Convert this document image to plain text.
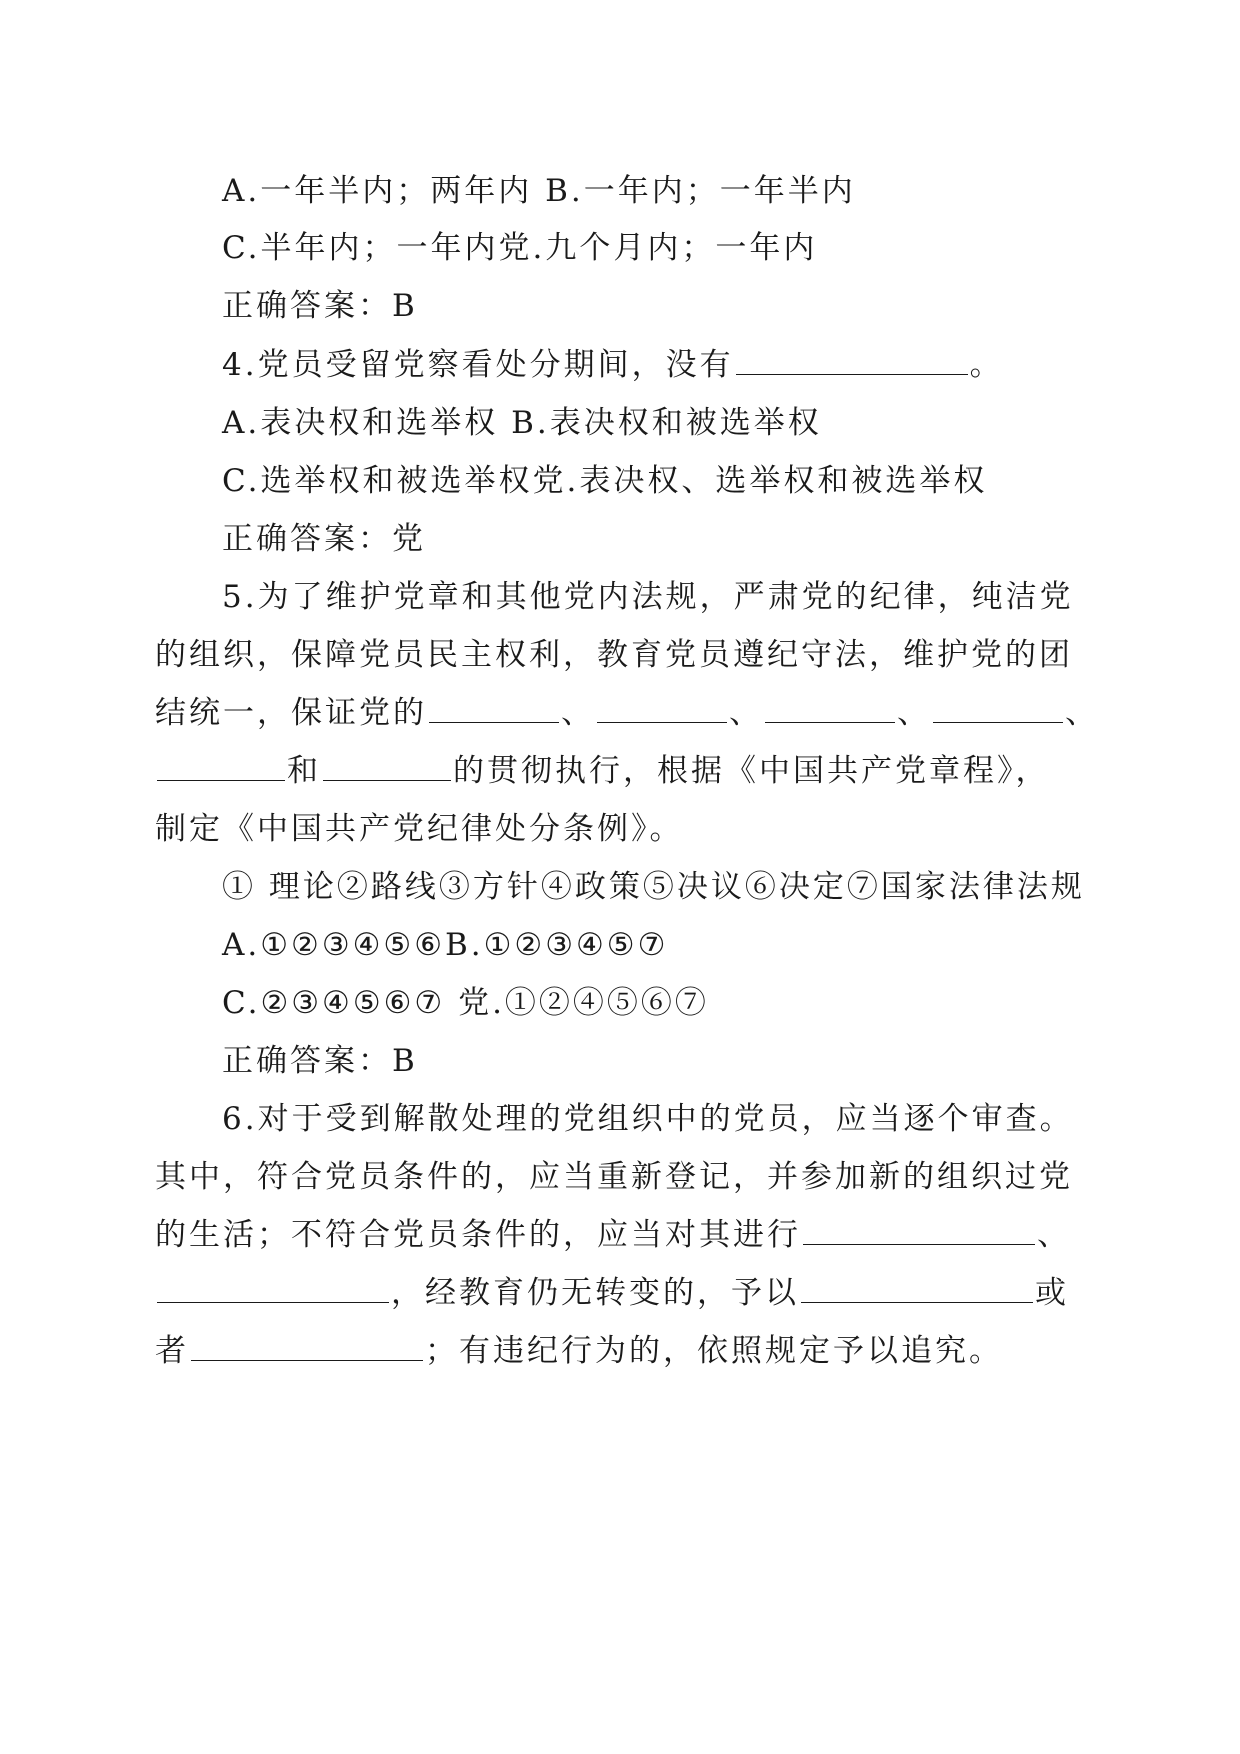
A.一年半内；两年内 B.一年内；一年半内
C.半年内；一年内党.九个月内；一年内
正确答案：B
4.党员受留党察看处分期间，没有	。
A.表决权和选举权 B.表决权和被选举权
C.选举权和被选举权党.表决权、选举权和被选举权
正确答案：党
5.为了维护党章和其他党内法规，严肃党的纪律，纯洁党
的组织，保障党员民主权利，教育党员遵纪守法，维护党的团
结统一，保证党的	、	、	、	、
和	的贯彻执行，根据《中国共产党章程》，
制定《中国共产党纪律处分条例》。
① 理论②路线③方针④政策⑤决议⑥决定⑦国家法律法规
A.①②③④⑤⑥B.①②③④⑤⑦
C.②③④⑤⑥⑦ 党.①②④⑤⑥⑦
正确答案：B
6.对于受到解散处理的党组织中的党员，应当逐个审查。
其中，符合党员条件的，应当重新登记，并参加新的组织过党
的生活；不符合党员条件的，应当对其进行	、
，经教育仍无转变的，予以	或
者	；有违纪行为的，依照规定予以追究。
